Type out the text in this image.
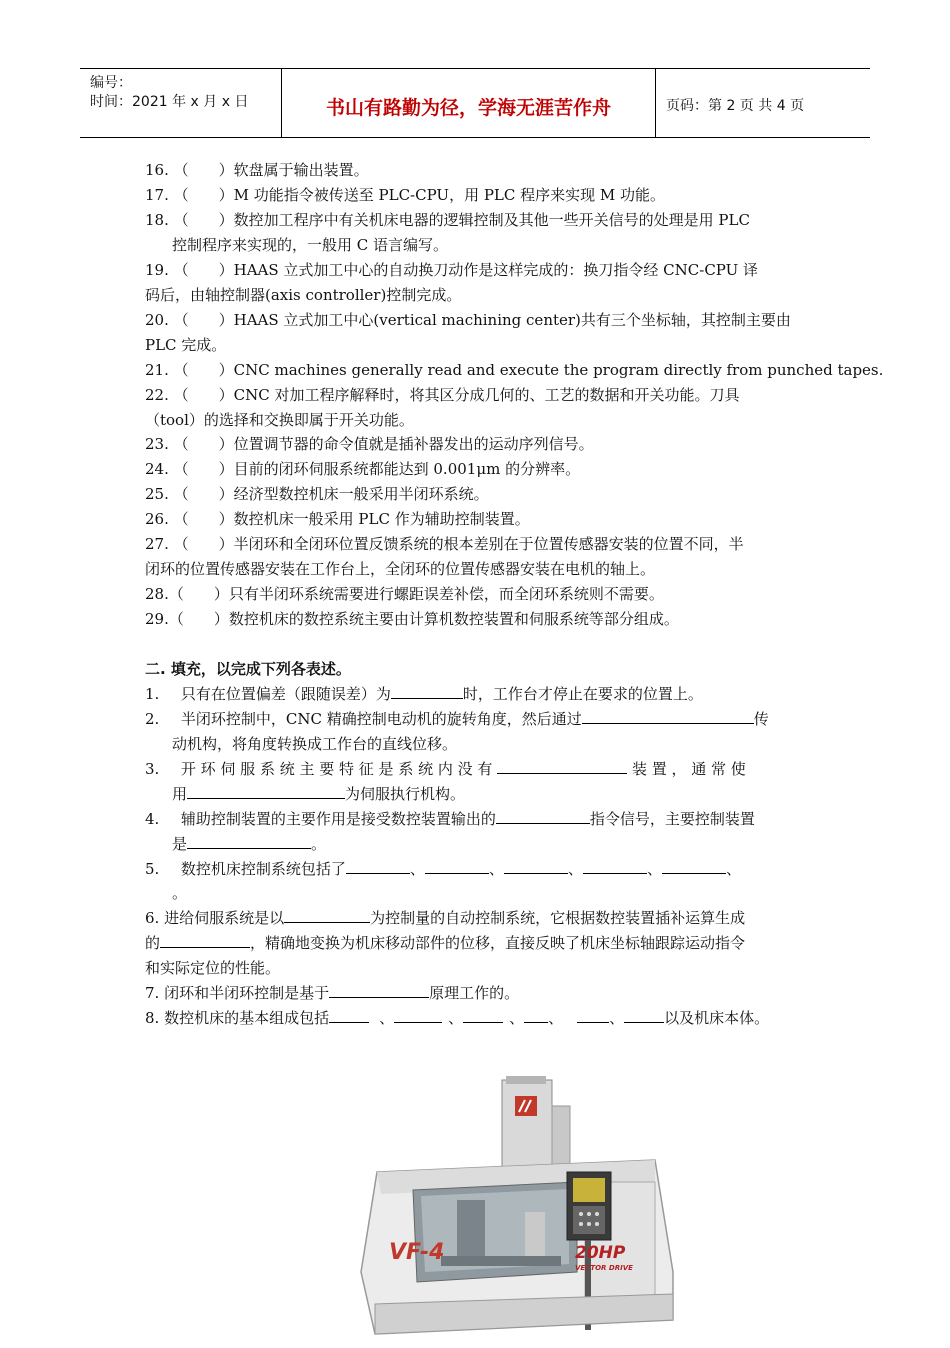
编号：
时间：2021 年 x 月 x 日	书山有路勤为径，学海无涯苦作舟	页码：第 2 页 共 4 页
16. （　　）软盘属于输出装置。
17. （　　）M 功能指令被传送至 PLC-CPU，用 PLC 程序来实现 M 功能。
18. （　　）数控加工程序中有关机床电器的逻辑控制及其他一些开关信号的处理是用 PLC
控制程序来实现的，一般用 C 语言编写。
19. （　　）HAAS 立式加工中心的自动换刀动作是这样完成的：换刀指令经 CNC-CPU 译
码后，由轴控制器(axis controller)控制完成。
20. （　　）HAAS 立式加工中心(vertical machining center)共有三个坐标轴，其控制主要由
PLC 完成。
21. （　　）CNC machines generally read and execute the program directly from punched tapes.
22. （　　）CNC 对加工程序解释时，将其区分成几何的、工艺的数据和开关功能。刀具
（tool）的选择和交换即属于开关功能。
23. （　　）位置调节器的命令值就是插补器发出的运动序列信号。
24. （　　）目前的闭环伺服系统都能达到 0.001μm 的分辨率。
25. （　　）经济型数控机床一般采用半闭环系统。
26. （　　）数控机床一般采用 PLC 作为辅助控制装置。
27. （　　）半闭环和全闭环位置反馈系统的根本差别在于位置传感器安装的位置不同，半
闭环的位置传感器安装在工作台上，全闭环的位置传感器安装在电机的轴上。
28.（　　）只有半闭环系统需要进行螺距误差补偿，而全闭环系统则不需要。
29.（　　）数控机床的数控系统主要由计算机数控装置和伺服系统等部分组成。
二. 填充，以完成下列各表述。
1. 只有在位置偏差（跟随误差）为	时，工作台才停止在要求的位置上。
2. 半闭环控制中，CNC 精确控制电动机的旋转角度，然后通过	传
动机构，将角度转换成工作台的直线位移。
3. 开 环 伺 服 系 统 主 要 特 征 是 系 统 内 没 有	装 置 ， 通 常 使
用	为伺服执行机构。
4. 辅助控制装置的主要作用是接受数控装置输出的	指令信号，主要控制装置
是	。
5. 数控机床控制系统包括了	、	、	、	、	、
。
6. 进给伺服系统是以	为控制量的自动控制系统，它根据数控装置插补运算生成
的	，精确地变换为机床移动部件的位移，直接反映了机床坐标轴跟踪运动指令
和实际定位的性能。
7. 闭环和半闭环控制是基于	原理工作的。
8. 数控机床的基本组成包括	、	、	、 、	、	以及机床本体。
VF-4	20HP
VECTOR DRIVE
